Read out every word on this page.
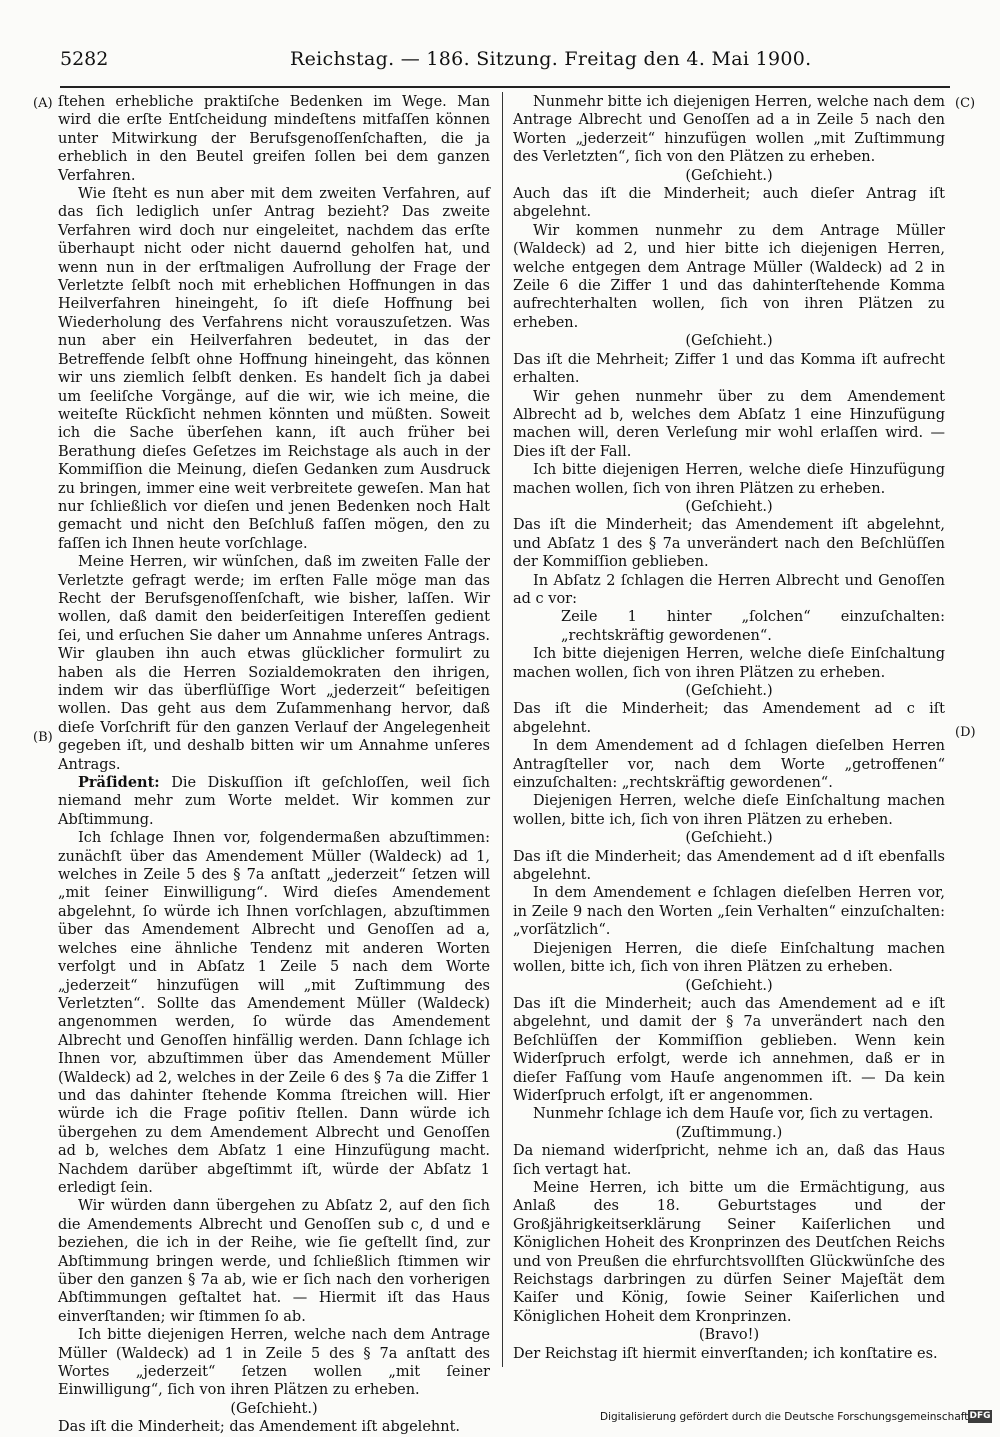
5282	Reichstag. — 186. Sitzung. Freitag den 4. Mai 1900.
(A)
(B)
(C)
(D)

ſtehen erhebliche praktiſche Bedenken im Wege. Man wird die erſte Entſcheidung mindeſtens mitfaſſen können unter Mitwirkung der Berufsgenoſſenſchaften, die ja erheblich in den Beutel greifen ſollen bei dem ganzen Verfahren.

Wie ſteht es nun aber mit dem zweiten Verfahren, auf das ſich lediglich unſer Antrag bezieht? Das zweite Verfahren wird doch nur eingeleitet, nachdem das erſte überhaupt nicht oder nicht dauernd geholfen hat, und wenn nun in der erſtmaligen Aufrollung der Frage der Verletzte ſelbſt noch mit erheblichen Hoffnungen in das Heilverfahren hineingeht, ſo iſt dieſe Hoffnung bei Wiederholung des Verfahrens nicht vorauszuſetzen. Was nun aber ein Heilverfahren bedeutet, in das der Betreffende ſelbſt ohne Hoffnung hineingeht, das können wir uns ziemlich ſelbſt denken. Es handelt ſich ja dabei um ſeeliſche Vorgänge, auf die wir, wie ich meine, die weiteſte Rückſicht nehmen könnten und müßten. Soweit ich die Sache überſehen kann, iſt auch früher bei Berathung dieſes Geſetzes im Reichstage als auch in der Kommiſſion die Meinung, dieſen Gedanken zum Ausdruck zu bringen, immer eine weit verbreitete geweſen. Man hat nur ſchließlich vor dieſen und jenen Bedenken noch Halt gemacht und nicht den Beſchluß faſſen mögen, den zu faſſen ich Ihnen heute vorſchlage.

Meine Herren, wir wünſchen, daß im zweiten Falle der Verletzte gefragt werde; im erſten Falle möge man das Recht der Berufsgenoſſenſchaft, wie bisher, laſſen. Wir wollen, daß damit den beiderſeitigen Intereſſen gedient ſei, und erſuchen Sie daher um Annahme unſeres Antrags. Wir glauben ihn auch etwas glücklicher formulirt zu haben als die Herren Sozialdemokraten den ihrigen, indem wir das überflüſſige Wort „jederzeit“ beſeitigen wollen. Das geht aus dem Zuſammenhang hervor, daß dieſe Vorſchrift für den ganzen Verlauf der Angelegenheit gegeben iſt, und deshalb bitten wir um Annahme unſeres Antrags.

Präſident: Die Diskuſſion iſt geſchloſſen, weil ſich niemand mehr zum Worte meldet. Wir kommen zur Abſtimmung.

Ich ſchlage Ihnen vor, folgendermaßen abzuſtimmen: zunächſt über das Amendement Müller (Waldeck) ad 1, welches in Zeile 5 des § 7a anſtatt „jederzeit“ ſetzen will „mit ſeiner Einwilligung“. Wird dieſes Amendement abgelehnt, ſo würde ich Ihnen vorſchlagen, abzuſtimmen über das Amendement Albrecht und Genoſſen ad a, welches eine ähnliche Tendenz mit anderen Worten verfolgt und in Abſatz 1 Zeile 5 nach dem Worte „jederzeit“ hinzufügen will „mit Zuſtimmung des Verletzten“. Sollte das Amendement Müller (Waldeck) angenommen werden, ſo würde das Amendement Albrecht und Genoſſen hinfällig werden. Dann ſchlage ich Ihnen vor, abzuſtimmen über das Amendement Müller (Waldeck) ad 2, welches in der Zeile 6 des § 7a die Ziffer 1 und das dahinter ſtehende Komma ſtreichen will. Hier würde ich die Frage poſitiv ſtellen. Dann würde ich übergehen zu dem Amendement Albrecht und Genoſſen ad b, welches dem Abſatz 1 eine Hinzufügung macht. Nachdem darüber abgeſtimmt iſt, würde der Abſatz 1 erledigt ſein.

Wir würden dann übergehen zu Abſatz 2, auf den ſich die Amendements Albrecht und Genoſſen sub c, d und e beziehen, die ich in der Reihe, wie ſie geſtellt ſind, zur Abſtimmung bringen werde, und ſchließlich ſtimmen wir über den ganzen § 7a ab, wie er ſich nach den vorherigen Abſtimmungen geſtaltet hat. — Hiermit iſt das Haus einverſtanden; wir ſtimmen ſo ab.

Ich bitte diejenigen Herren, welche nach dem Antrage Müller (Waldeck) ad 1 in Zeile 5 des § 7a anſtatt des Wortes „jederzeit“ ſetzen wollen „mit ſeiner Einwilligung“, ſich von ihren Plätzen zu erheben.

(Geſchieht.)

Das iſt die Minderheit; das Amendement iſt abgelehnt.

Nunmehr bitte ich diejenigen Herren, welche nach dem Antrage Albrecht und Genoſſen ad a in Zeile 5 nach den Worten „jederzeit“ hinzufügen wollen „mit Zuſtimmung des Verletzten“, ſich von den Plätzen zu erheben.

(Geſchieht.)

Auch das iſt die Minderheit; auch dieſer Antrag iſt abgelehnt.

Wir kommen nunmehr zu dem Antrage Müller (Waldeck) ad 2, und hier bitte ich diejenigen Herren, welche entgegen dem Antrage Müller (Waldeck) ad 2 in Zeile 6 die Ziffer 1 und das dahinterſtehende Komma aufrechterhalten wollen, ſich von ihren Plätzen zu erheben.

(Geſchieht.)

Das iſt die Mehrheit; Ziffer 1 und das Komma iſt aufrecht erhalten.

Wir gehen nunmehr über zu dem Amendement Albrecht ad b, welches dem Abſatz 1 eine Hinzufügung machen will, deren Verleſung mir wohl erlaſſen wird. — Dies iſt der Fall.

Ich bitte diejenigen Herren, welche dieſe Hinzufügung machen wollen, ſich von ihren Plätzen zu erheben.

(Geſchieht.)

Das iſt die Minderheit; das Amendement iſt abgelehnt, und Abſatz 1 des § 7a unverändert nach den Beſchlüſſen der Kommiſſion geblieben.

In Abſatz 2 ſchlagen die Herren Albrecht und Genoſſen ad c vor:

Zeile 1 hinter „ſolchen“ einzuſchalten: „rechtskräftig gewordenen“.

Ich bitte diejenigen Herren, welche dieſe Einſchaltung machen wollen, ſich von ihren Plätzen zu erheben.

(Geſchieht.)

Das iſt die Minderheit; das Amendement ad c iſt abgelehnt.

In dem Amendement ad d ſchlagen dieſelben Herren Antragſteller vor, nach dem Worte „getroffenen“ einzuſchalten: „rechtskräftig gewordenen“.

Diejenigen Herren, welche dieſe Einſchaltung machen wollen, bitte ich, ſich von ihren Plätzen zu erheben.

(Geſchieht.)

Das iſt die Minderheit; das Amendement ad d iſt ebenfalls abgelehnt.

In dem Amendement e ſchlagen dieſelben Herren vor, in Zeile 9 nach den Worten „ſein Verhalten“ einzuſchalten: „vorſätzlich“.

Diejenigen Herren, die dieſe Einſchaltung machen wollen, bitte ich, ſich von ihren Plätzen zu erheben.

(Geſchieht.)

Das iſt die Minderheit; auch das Amendement ad e iſt abgelehnt, und damit der § 7a unverändert nach den Beſchlüſſen der Kommiſſion geblieben. Wenn kein Widerſpruch erfolgt, werde ich annehmen, daß er in dieſer Faſſung vom Hauſe angenommen iſt. — Da kein Widerſpruch erfolgt, iſt er angenommen.

Nunmehr ſchlage ich dem Hauſe vor, ſich zu vertagen.

(Zuſtimmung.)

Da niemand widerſpricht, nehme ich an, daß das Haus ſich vertagt hat.

Meine Herren, ich bitte um die Ermächtigung, aus Anlaß des 18. Geburtstages und der Großjährigkeitserklärung Seiner Kaiſerlichen und Königlichen Hoheit des Kronprinzen des Deutſchen Reichs und von Preußen die ehrfurchtsvollſten Glückwünſche des Reichstags darbringen zu dürfen Seiner Majeſtät dem Kaiſer und König, ſowie Seiner Kaiſerlichen und Königlichen Hoheit dem Kronprinzen.

(Bravo!)

Der Reichstag iſt hiermit einverſtanden; ich konſtatire es.

Digitalisierung gefördert durch die Deutsche Forschungsgemeinschaft DFG
